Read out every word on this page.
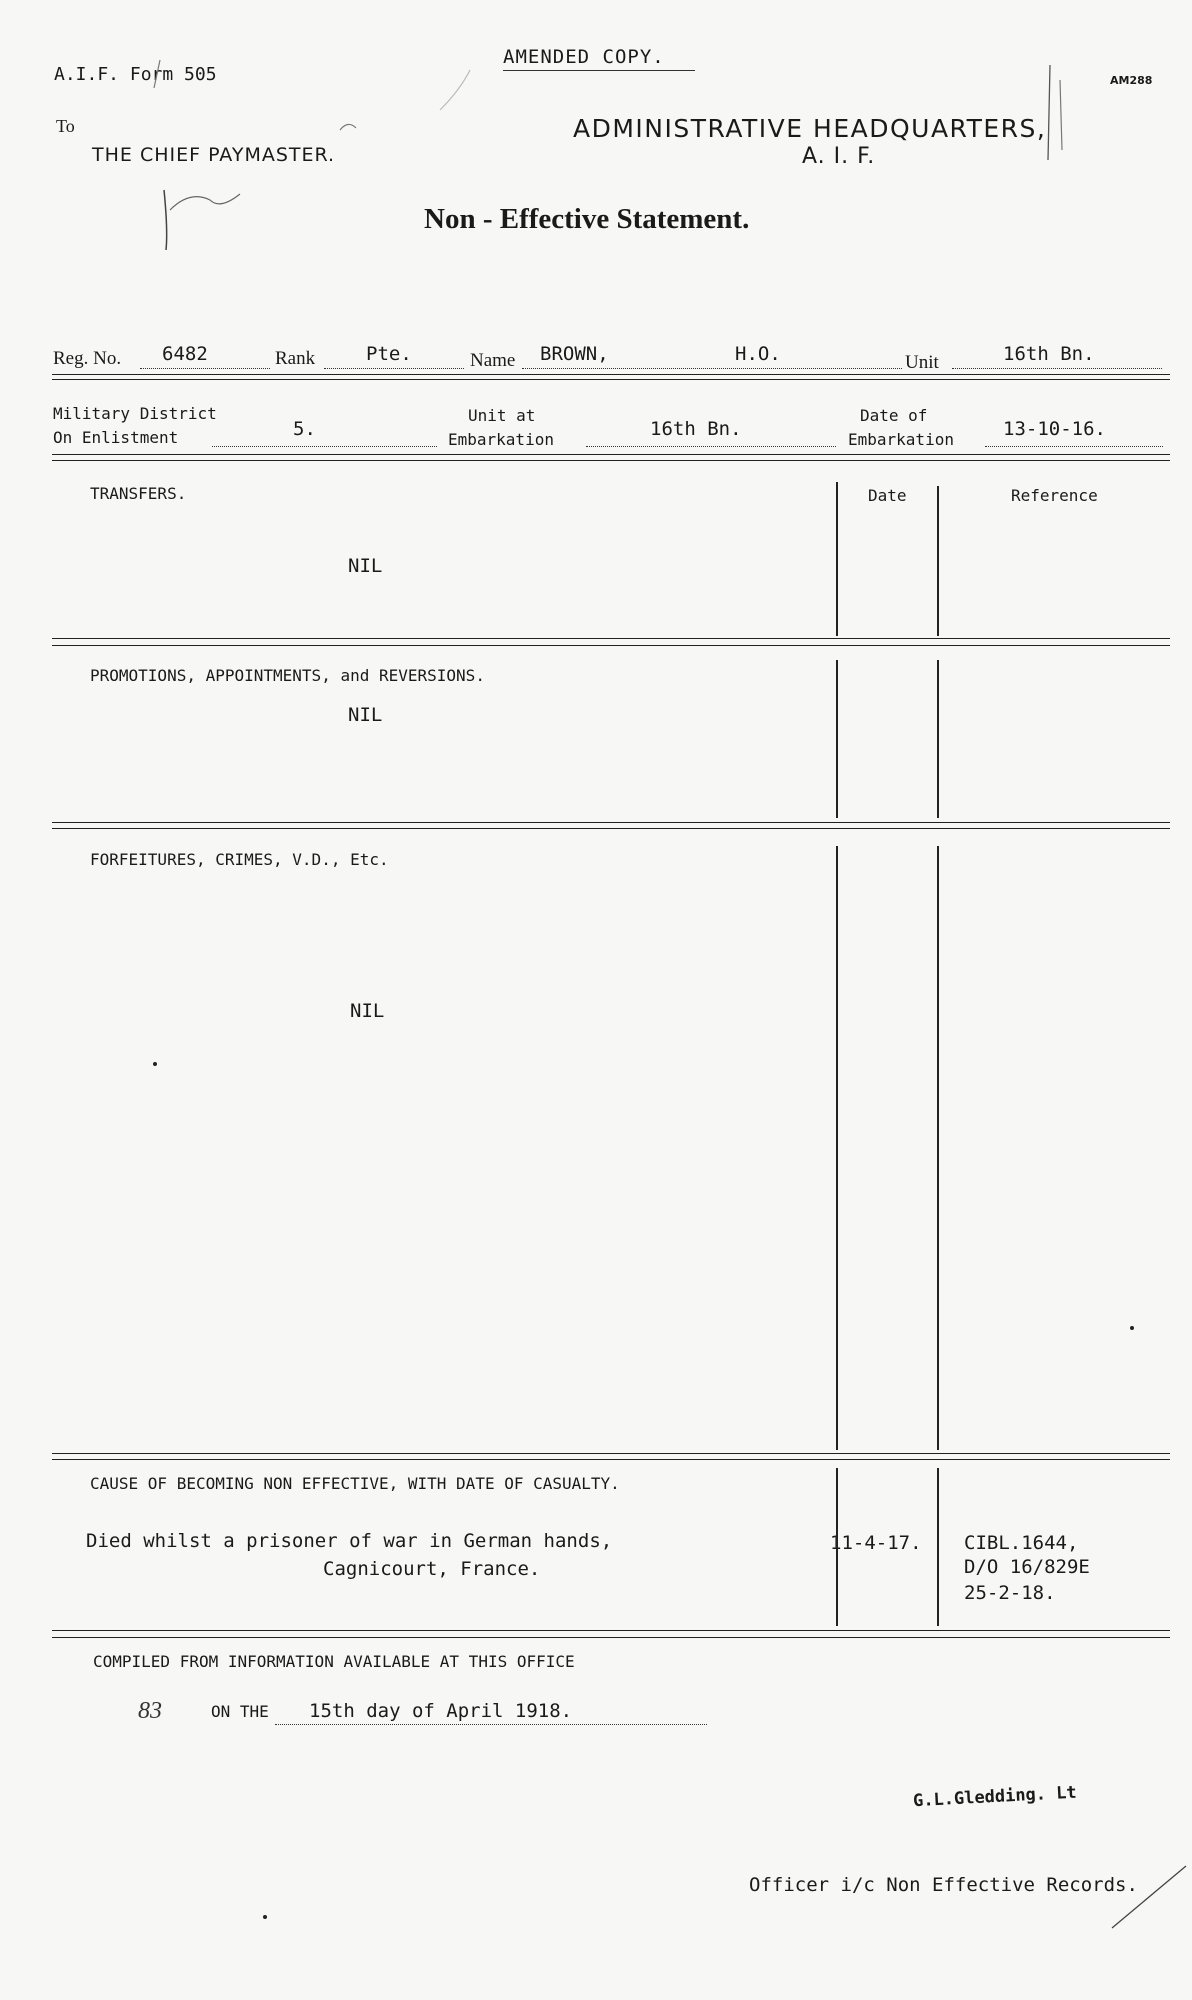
A.I.F. Form 505
AMENDED COPY.
AM288
To
THE CHIEF PAYMASTER.
ADMINISTRATIVE HEADQUARTERS,
A. I. F.
Non - Effective Statement.
Reg. No. 6482	Rank	Pte.	Name BROWN,	H.O.	Unit	16th Bn.
Military District
On Enlistment	5.
Unit at
Embarkation	16th Bn.
Date of
Embarkation	13-10-16.
TRANSFERS.
NIL
Date	Reference
PROMOTIONS, APPOINTMENTS, and REVERSIONS.
NIL
FORFEITURES, CRIMES, V.D., Etc.
NIL
CAUSE OF BECOMING NON EFFECTIVE, WITH DATE OF CASUALTY.
Died whilst a prisoner of war in German hands,
Cagnicourt, France.
11-4-17. CIBL.1644,
D/O 16/829E
25-2-18.
COMPILED FROM INFORMATION AVAILABLE AT THIS OFFICE
83	ON THE 15th day of April 1918.
G.L.Gledding. Lt
Officer i/c Non Effective Records.
